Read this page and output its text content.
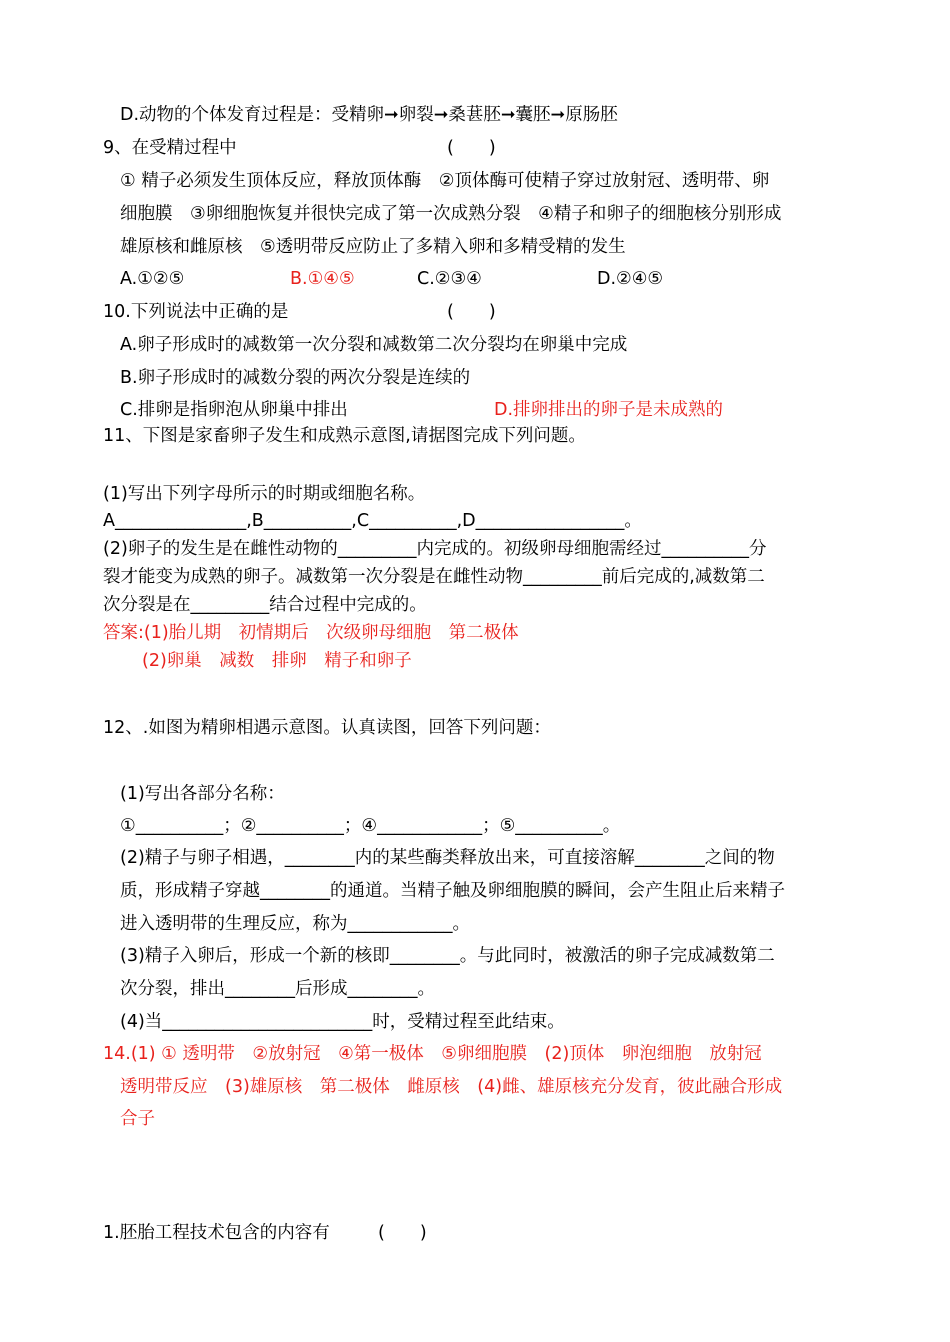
D.动物的个体发育过程是：受精卵➞卵裂➞桑葚胚➞囊胚➞原肠胚
9、在受精过程中	(　　)
① 精子必须发生顶体反应，释放顶体酶　②顶体酶可使精子穿过放射冠、透明带、卵
细胞膜　③卵细胞恢复并很快完成了第一次成熟分裂　④精子和卵子的细胞核分别形成
雄原核和雌原核　⑤透明带反应防止了多精入卵和多精受精的发生
A.①②⑤	B.①④⑤	C.②③④	D.②④⑤
10.下列说法中正确的是	(　　)
A.卵子形成时的减数第一次分裂和减数第二次分裂均在卵巢中完成
B.卵子形成时的减数分裂的两次分裂是连续的
C.排卵是指卵泡从卵巢中排出	D.排卵排出的卵子是未成熟的
11、下图是家畜卵子发生和成熟示意图,请据图完成下列问题。
(1)写出下列字母所示的时期或细胞名称。
A_______________,B__________,C__________,D_________________。
(2)卵子的发生是在雌性动物的_________内完成的。初级卵母细胞需经过__________分
裂才能变为成熟的卵子。减数第一次分裂是在雌性动物_________前后完成的,减数第二
次分裂是在_________结合过程中完成的。
答案:(1)胎儿期　初情期后　次级卵母细胞　第二极体
(2)卵巢　减数　排卵　精子和卵子
12、.如图为精卵相遇示意图。认真读图，回答下列问题：
(1)写出各部分名称：
①__________；②__________；④____________；⑤__________。
(2)精子与卵子相遇，________内的某些酶类释放出来，可直接溶解________之间的物
质，形成精子穿越________的通道。当精子触及卵细胞膜的瞬间，会产生阻止后来精子
进入透明带的生理反应，称为____________。
(3)精子入卵后，形成一个新的核即________。与此同时，被激活的卵子完成减数第二
次分裂，排出________后形成________。
(4)当________________________时，受精过程至此结束。
14.(1) ① 透明带　②放射冠　④第一极体　⑤卵细胞膜　(2)顶体　卵泡细胞　放射冠
透明带反应　(3)雄原核　第二极体　雌原核　(4)雌、雄原核充分发育，彼此融合形成
合子
1.胚胎工程技术包含的内容有	(　　)
